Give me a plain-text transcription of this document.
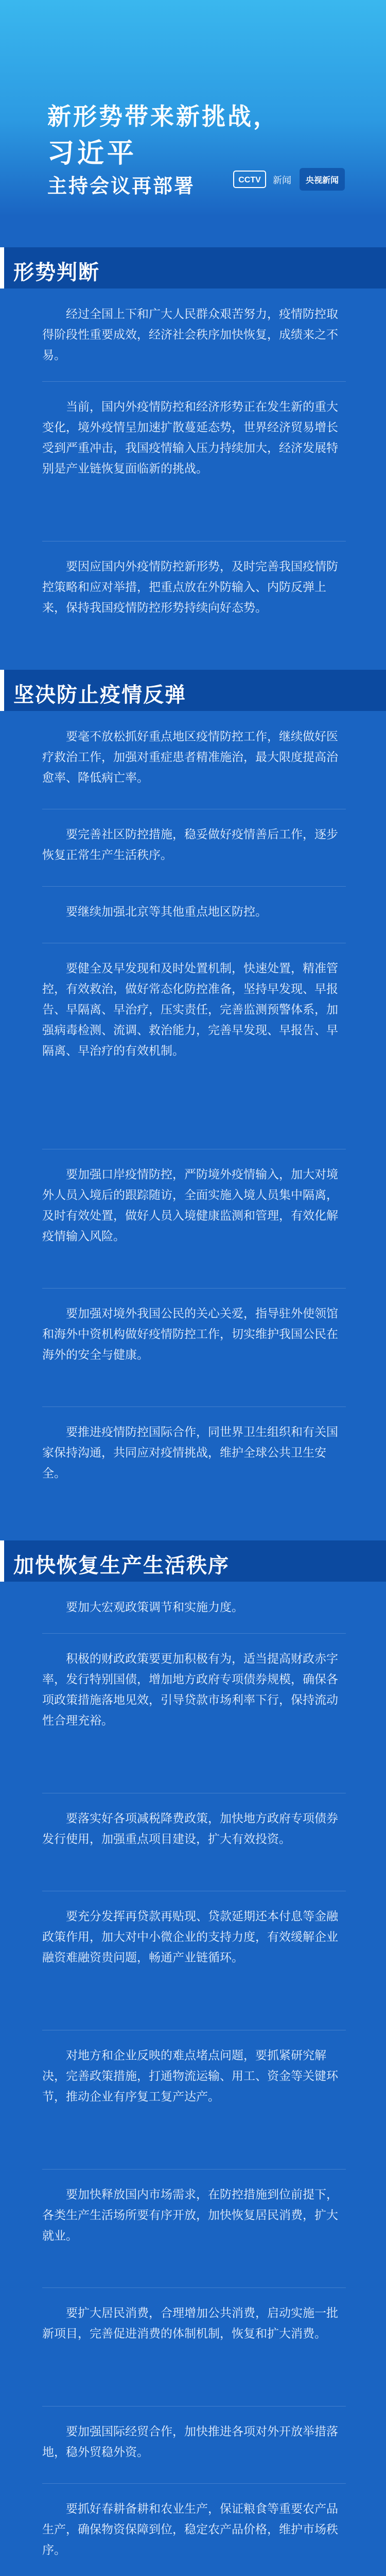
新形势带来新挑战，
习近平
主持会议再部署	CCTV 新闻 央视新闻
形势判断
经过全国上下和广大人民群众艰苦努力，疫情防控取得阶段性重要成效，经济社会秩序加快恢复，成绩来之不易。
当前，国内外疫情防控和经济形势正在发生新的重大变化，境外疫情呈加速扩散蔓延态势，世界经济贸易增长受到严重冲击，我国疫情输入压力持续加大，经济发展特别是产业链恢复面临新的挑战。
要因应国内外疫情防控新形势，及时完善我国疫情防控策略和应对举措，把重点放在外防输入、内防反弹上来，保持我国疫情防控形势持续向好态势。
坚决防止疫情反弹
要毫不放松抓好重点地区疫情防控工作，继续做好医疗救治工作，加强对重症患者精准施治，最大限度提高治愈率、降低病亡率。
要完善社区防控措施，稳妥做好疫情善后工作，逐步恢复正常生产生活秩序。
要继续加强北京等其他重点地区防控。
要健全及早发现和及时处置机制，快速处置，精准管控，有效救治，做好常态化防控准备，坚持早发现、早报告、早隔离、早治疗，压实责任，完善监测预警体系，加强病毒检测、流调、救治能力，完善早发现、早报告、早隔离、早治疗的有效机制。
要加强口岸疫情防控，严防境外疫情输入，加大对境外人员入境后的跟踪随访，全面实施入境人员集中隔离，及时有效处置，做好人员入境健康监测和管理，有效化解疫情输入风险。
要加强对境外我国公民的关心关爱，指导驻外使领馆和海外中资机构做好疫情防控工作，切实维护我国公民在海外的安全与健康。
要推进疫情防控国际合作，同世界卫生组织和有关国家保持沟通，共同应对疫情挑战，维护全球公共卫生安全。
加快恢复生产生活秩序
要加大宏观政策调节和实施力度。
积极的财政政策要更加积极有为，适当提高财政赤字率，发行特别国债，增加地方政府专项债券规模，确保各项政策措施落地见效，引导贷款市场利率下行，保持流动性合理充裕。
要落实好各项减税降费政策，加快地方政府专项债券发行使用，加强重点项目建设，扩大有效投资。
要充分发挥再贷款再贴现、贷款延期还本付息等金融政策作用，加大对中小微企业的支持力度，有效缓解企业融资难融资贵问题，畅通产业链循环。
对地方和企业反映的难点堵点问题，要抓紧研究解决，完善政策措施，打通物流运输、用工、资金等关键环节，推动企业有序复工复产达产。
要加快释放国内市场需求，在防控措施到位前提下，各类生产生活场所要有序开放，加快恢复居民消费，扩大就业。
要扩大居民消费，合理增加公共消费，启动实施一批新项目，完善促进消费的体制机制，恢复和扩大消费。
要加强国际经贸合作，加快推进各项对外开放举措落地，稳外贸稳外资。
要抓好春耕备耕和农业生产，保证粮食等重要农产品生产，确保物资保障到位，稳定农产品价格，维护市场秩序。
